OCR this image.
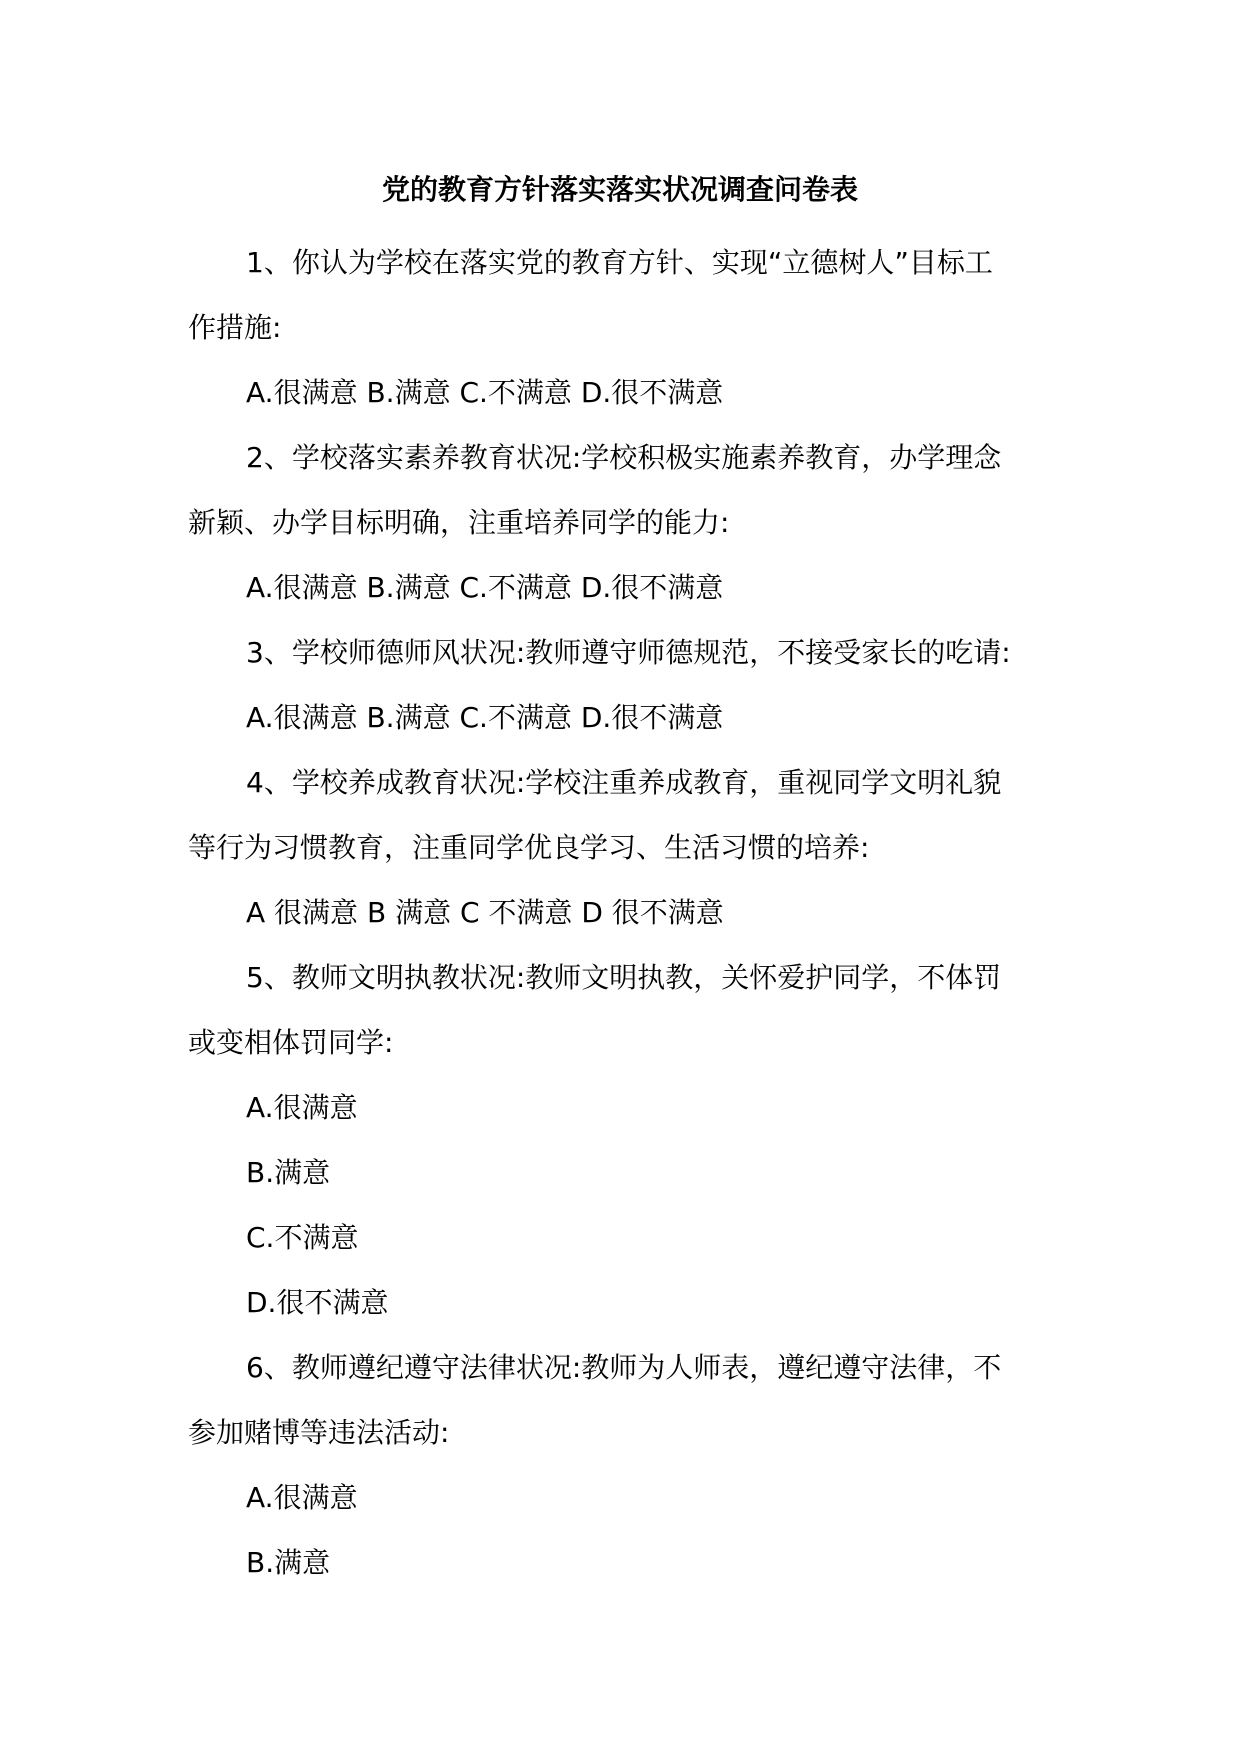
党的教育方针落实落实状况调查问卷表
1、你认为学校在落实党的教育方针、实现“立德树人”目标工
作措施:
A.很满意 B.满意 C.不满意 D.很不满意
2、学校落实素养教育状况:学校积极实施素养教育，办学理念
新颖、办学目标明确，注重培养同学的能力:
A.很满意 B.满意 C.不满意 D.很不满意
3、学校师德师风状况:教师遵守师德规范，不接受家长的吃请:
A.很满意 B.满意 C.不满意 D.很不满意
4、学校养成教育状况:学校注重养成教育，重视同学文明礼貌
等行为习惯教育，注重同学优良学习、生活习惯的培养:
A 很满意 B 满意 C 不满意 D 很不满意
5、教师文明执教状况:教师文明执教，关怀爱护同学，不体罚
或变相体罚同学:
A.很满意
B.满意
C.不满意
D.很不满意
6、教师遵纪遵守法律状况:教师为人师表，遵纪遵守法律，不
参加赌博等违法活动:
A.很满意
B.满意
